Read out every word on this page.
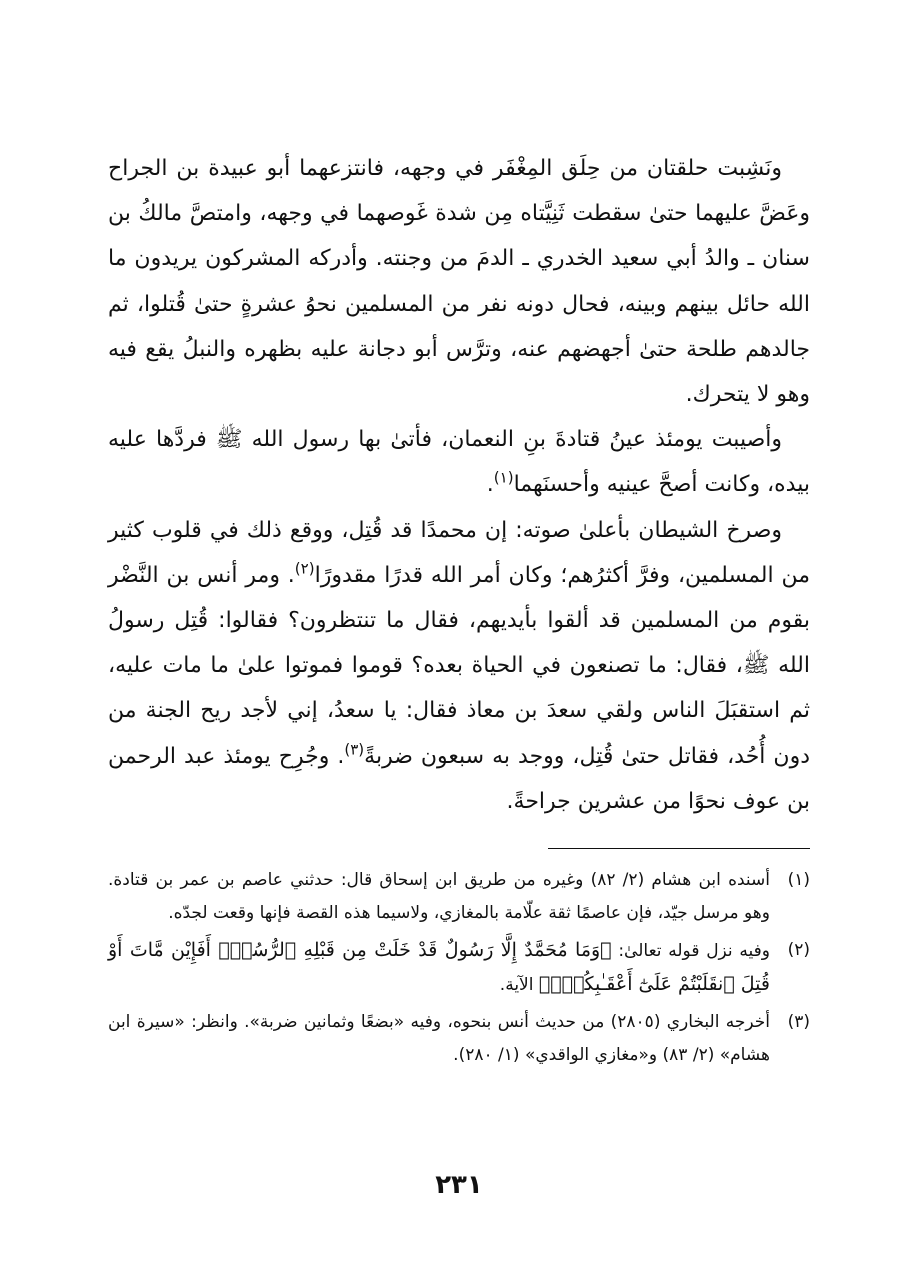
ونَشِبت حلقتان من حِلَق المِغْفَر في وجهه، فانتزعهما أبو عبيدة بن الجراح وعَضَّ عليهما حتىٰ سقطت ثَنِيَّتاه مِن شدة غَوصهما في وجهه، وامتصَّ مالكُ بن سنان ـ والدُ أبي سعيد الخدري ـ الدمَ من وجنته. وأدركه المشركون يريدون ما الله حائل بينهم وبينه، فحال دونه نفر من المسلمين نحوُ عشرةٍ حتىٰ قُتلوا، ثم جالدهم طلحة حتىٰ أجهضهم عنه، وترَّس أبو دجانة عليه بظهره والنبلُ يقع فيه وهو لا يتحرك.

وأصيبت يومئذ عينُ قتادةَ بنِ النعمان، فأتىٰ بها رسول الله ﷺ فردَّها عليه بيده، وكانت أصحَّ عينيه وأحسنَهما$^{(١)}$.

وصرخ الشيطان بأعلىٰ صوته: إن محمدًا قد قُتِل، ووقع ذلك في قلوب كثير من المسلمين، وفرَّ أكثرُهم؛ وكان أمر الله قدرًا مقدورًا$^{(٢)}$. ومر أنس بن النَّضْر بقوم من المسلمين قد ألقوا بأيديهم، فقال ما تنتظرون؟ فقالوا: قُتِل رسولُ الله ﷺ، فقال: ما تصنعون في الحياة بعده؟ قوموا فموتوا علىٰ ما مات عليه، ثم استقبَلَ الناس ولقي سعدَ بن معاذ فقال: يا سعدُ، إني لأجد ريح الجنة من دون أُحُد، فقاتل حتىٰ قُتِل، ووجد به سبعون ضربةً$^{(٣)}$. وجُرِح يومئذ عبد الرحمن بن عوف نحوًا من عشرين جراحةً.

(١)
أسنده ابن هشام (٢/ ٨٢) وغيره من طريق ابن إسحاق قال: حدثني عاصم بن عمر بن قتادة. وهو مرسل جيّد، فإن عاصمًا ثقة علّامة بالمغازي، ولاسيما هذه القصة فإنها وقعت لجدّه.
(٢)
وفيه نزل قوله تعالىٰ: ﴿وَمَا مُحَمَّدٌ إِلَّا رَسُولٌ قَدْ خَلَتْ مِن قَبْلِهِ ٱلرُّسُلُۚ أَفَإِيْن مَّاتَ أَوْ قُتِلَ ٱنقَلَبْتُمْ عَلَىٰٓ أَعْقَـٰبِكُمْۚ﴾ الآية.
(٣)
أخرجه البخاري (٢٨٠٥) من حديث أنس بنحوه، وفيه «بضعًا وثمانين ضربة». وانظر: «سيرة ابن هشام» (٢/ ٨٣) و«مغازي الواقدي» (١/ ٢٨٠).
٢٣١
